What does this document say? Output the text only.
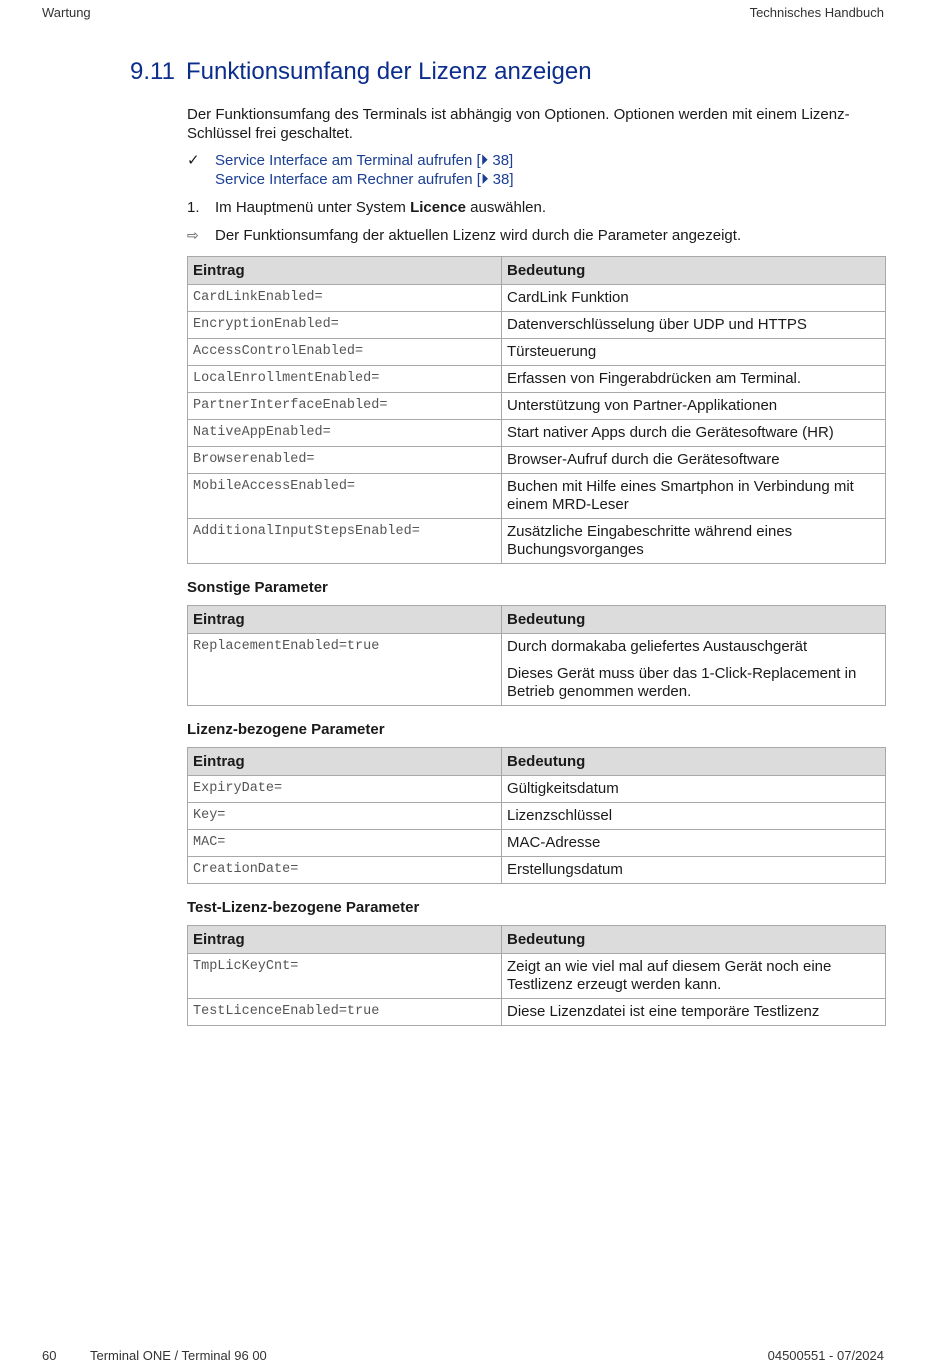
Wartung	Technisches Handbuch
9.11 Funktionsumfang der Lizenz anzeigen

Der Funktionsumfang des Terminals ist abhängig von Optionen. Optionen werden mit einem Lizenz-Schlüssel frei geschaltet.

✓ Service Interface am Terminal aufrufen [⏵ 38]
Service Interface am Rechner aufrufen [⏵ 38]
1. Im Hauptmenü unter System Licence auswählen.
⇨ Der Funktionsumfang der aktuellen Lizenz wird durch die Parameter angezeigt.
Eintrag	Bedeutung
CardLinkEnabled=	CardLink Funktion
EncryptionEnabled=	Datenverschlüsselung über UDP und HTTPS
AccessControlEnabled=	Türsteuerung
LocalEnrollmentEnabled=	Erfassen von Fingerabdrücken am Terminal.
PartnerInterfaceEnabled=	Unterstützung von Partner-Applikationen
NativeAppEnabled=	Start nativer Apps durch die Gerätesoftware (HR)
Browserenabled=	Browser-Aufruf durch die Gerätesoftware
MobileAccessEnabled=	Buchen mit Hilfe eines Smartphon in Verbindung mit einem MRD-Leser
AdditionalInputStepsEnabled=	Zusätzliche Eingabeschritte während eines Buchungsvorganges
Sonstige Parameter
Eintrag	Bedeutung
ReplacementEnabled=true	Durch dormakaba geliefertes Austauschgerät

Dieses Gerät muss über das 1-Click-Replacement in Betrieb genommen werden.

Lizenz-bezogene Parameter
Eintrag	Bedeutung
ExpiryDate=	Gültigkeitsdatum
Key=	Lizenzschlüssel
MAC=	MAC-Adresse
CreationDate=	Erstellungsdatum
Test-Lizenz-bezogene Parameter
Eintrag	Bedeutung
TmpLicKeyCnt=	Zeigt an wie viel mal auf diesem Gerät noch eine Testlizenz erzeugt werden kann.
TestLicenceEnabled=true	Diese Lizenzdatei ist eine temporäre Testlizenz
60	Terminal ONE / Terminal 96 00	04500551 - 07/2024
